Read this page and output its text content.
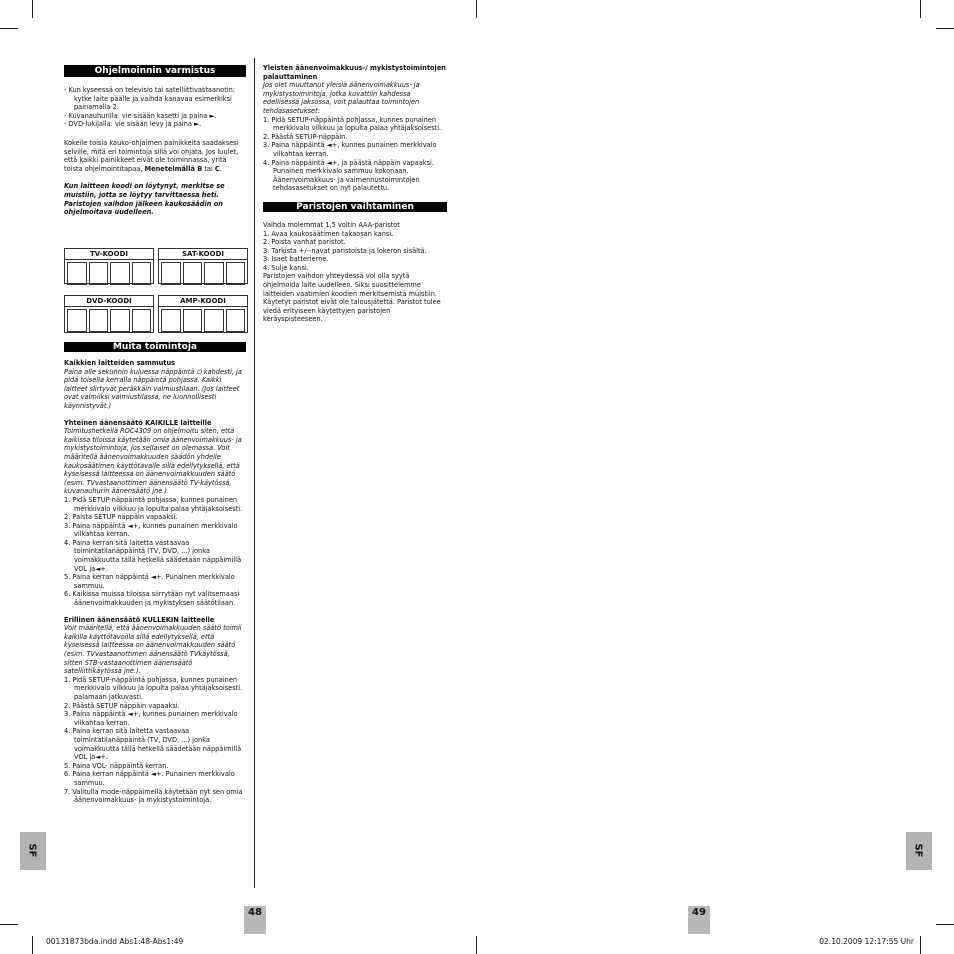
SF	SF
Ohjelmoinnin varmistus

- Kun kyseessä on televisio tai satelliittivastaanotin: kytke laite päälle ja vaihda kanavaa esimerkiksi painamalla 2.

- Kuvanauhurilla: vie sisään kasetti ja paina ►.

- DVD-lukijalla: vie sisään levy ja paina ►.

Kokeile toisia kauko-ohjaimen painikkeita saadaksesi selville, mitä eri toimintoja sillä voi ohjata. Jos luulet, että kaikki painikkeet eivät ole toiminnassa, yritä toista ohjelmointitapaa, Menetelmällä B tai C.

Kun laitteen koodi on löytynyt, merkitse se muistiin, jotta se löytyy tarvittaessa heti. Paristojen vaihdon jälkeen kaukosäädin on ohjelmoitava uudelleen.

TV-KOODI	SAT-KOODI
DVD-KOODI	AMP-KOODI
Muita toimintoja

Kaikkien laitteiden sammutus

Paina alle sekunnin kuluessa näppäintä ⏻ kahdesti, ja pidä toisella kerralla näppäintä pohjassa. Kaikki laitteet siirtyvät peräkkäin valmiustilaan. (Jos laitteet ovat valmiiksi valmiustilassa, ne luonnollisesti käynnistyvät.)

Yhteinen äänensäätö KAIKILLE laitteille

Toimitushetkellä ROC4309 on ohjelmoitu siten, että kaikissa tiloissa käytetään omia äänenvoimakkuus- ja mykistystoimintoja, jos sellaiset on olemassa. Voit määritellä äänenvoimakkuuden säädön yhdelle kaukosäätimen käyttötavalle sillä edellytyksellä, että kyseisessä laitteessa on äänenvoimakkuuden säätö (esim. TVvastaanottimen äänensäätö TV-käytössä, kuvanauhurin äänensäätö jne.).

1. Pidä SETUP-näppäintä pohjassa, kunnes punainen merkkivalo vilkkuu ja lopulta palaa yhtäjaksoisesti.

2. Paista SETUP näppäin vapaaksi.

3. Paina näppäintä ◄+, kunnes punainen merkkivalo vilkahtaa kerran.

4. Paina kerran sitä laitetta vastaavaa toimintatilanäppäintä (TV, DVD, ...) jonka voimakkuutta tällä hetkellä säädetään näppäimillä VOL ja◄+.

5. Paina kerran näppäintä ◄+. Punainen merkkivalo sammuu.

6. Kaikissa muissa tiloissa siirrytään nyt valitsemaasi äänenvoimakkuuden ja mykistyksen säätötilaan.

Erillinen äänensäätö KULLEKIN laitteelle

Voit määritellä, että äänenvoimakkuuden säätö toimii kaikilla käyttötavoilla sillä edellytyksellä, että kyseisessä laitteessa on äänenvoimakkuuden säätö (esim. TVvastaanottimen äänensäätö TVkäytössä, sitten STB-vastaanottimen äänensäätö satelliittikäytössä jne.).

1. Pidä SETUP-näppäintä pohjassa, kunnes punainen merkkivalo vilkkuu ja lopulta palaa yhtäjaksoisesti. palamaan jatkuvasti.

2. Päästä SETUP näppäin vapaaksi.

3. Paina näppäintä ◄+, kunnes punainen merkkivalo vilkahtaa kerran.

4. Paina kerran sitä laitetta vastaavaa toimintatilanäppäintä (TV, DVD, ...) jonka voimakkuutta tällä hetkellä säädetään näppäimillä VOL ja◄+.

5. Paina VOL- näppäintä kerran.

6. Paina kerran näppäintä ◄+. Punainen merkkivalo sammuu.

7. Valitulla mode-näppäimellä käytetään nyt sen omia äänenvoimakkuus- ja mykistystoimintoja.

Yleisten äänenvoimakkuus-/ mykistystoimintojen palauttaminen

Jos olet muuttanut yleisiä äänenvoimakkuus- ja mykistystoimintoja, jotka kuvattiin kahdessa edellisessä jaksossa, voit palauttaa toimintojen tehdasasetukset:

1. Pidä SETUP-näppäintä pohjassa, kunnes punainen merkkivalo vilkkuu ja lopulta palaa yhtäjaksoisesti.

2. Päästä SETUP-näppäin.

3. Paina näppäintä ◄+, kunnes punainen merkkivalo vilkahtaa kerran.

4. Paina näppäintä ◄+, ja päästä näppäin vapaaksi. Punainen merkkivalo sammuu kokonaan. Äänenvoimakkuus- ja vaimennustoimintojen tehdasasetukset on nyt palautettu.

Paristojen vaihtaminen

Vaihda molemmat 1,5 voltin AAA-paristot

1. Avaa kaukosäätimen takaosan kansi.

2. Poista vanhat paristot.

3. Tarkista +/--navat paristoista ja lokeron sisältä.

3. Isaet batterierne.

4. Sulje kansi.

Paristojen vaihdon yhteydessä voi olla syytä ohjelmoida laite uudelleen. Siksi suosittelemme laitteiden vaatimien koodien merkitsemistä muistiin. Käytetyt paristot eivät ole talousjätettä. Paristot tulee viedä erityiseen käytettyjen paristojen keräyspisteeseen.

48	49
00131873bda.indd Abs1:48-Abs1:49	02.10.2009 12:17:55 Uhr
